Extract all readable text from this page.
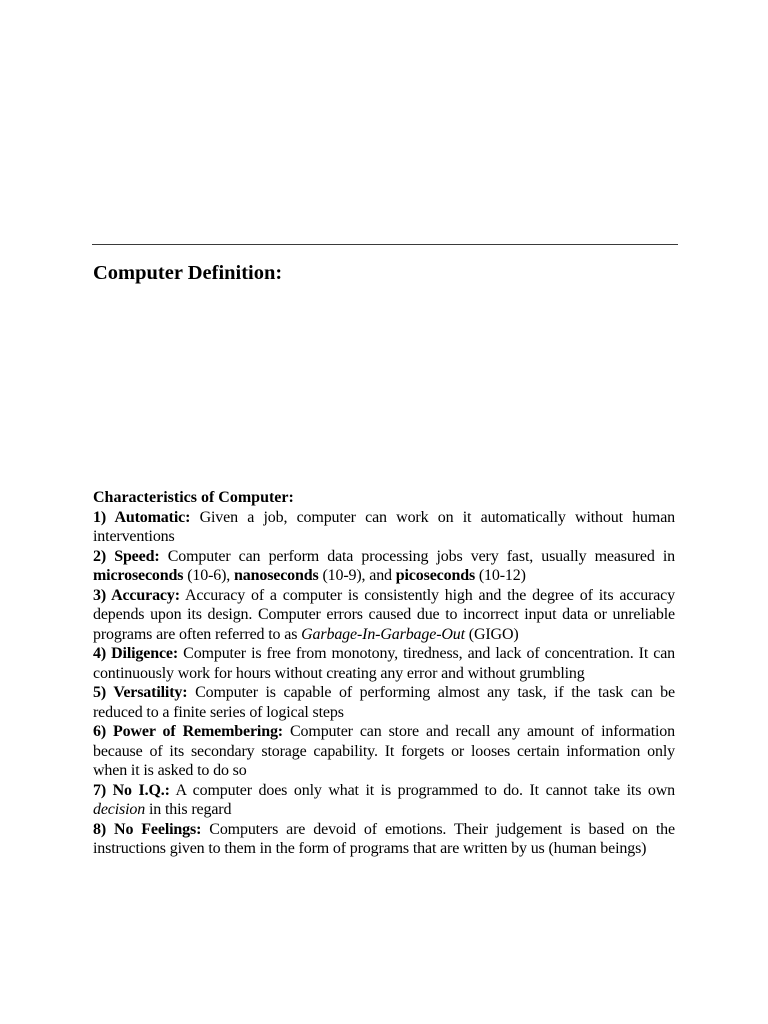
Computer Definition:

Characteristics of Computer:

1) Automatic: Given a job, computer can work on it automatically without human interventions
2) Speed: Computer can perform data processing jobs very fast, usually measured in microseconds (10-6), nanoseconds (10-9), and picoseconds (10-12)
3) Accuracy: Accuracy of a computer is consistently high and the degree of its accuracy depends upon its design. Computer errors caused due to incorrect input data or unreliable programs are often referred to as Garbage-In-Garbage-Out (GIGO)
4) Diligence: Computer is free from monotony, tiredness, and lack of concentration. It can continuously work for hours without creating any error and without grumbling
5) Versatility: Computer is capable of performing almost any task, if the task can be reduced to a finite series of logical steps
6) Power of Remembering: Computer can store and recall any amount of information because of its secondary storage capability. It forgets or looses certain information only when it is asked to do so
7) No I.Q.: A computer does only what it is programmed to do. It cannot take its own decision in this regard
8) No Feelings: Computers are devoid of emotions. Their judgement is based on the instructions given to them in the form of programs that are written by us (human beings)
